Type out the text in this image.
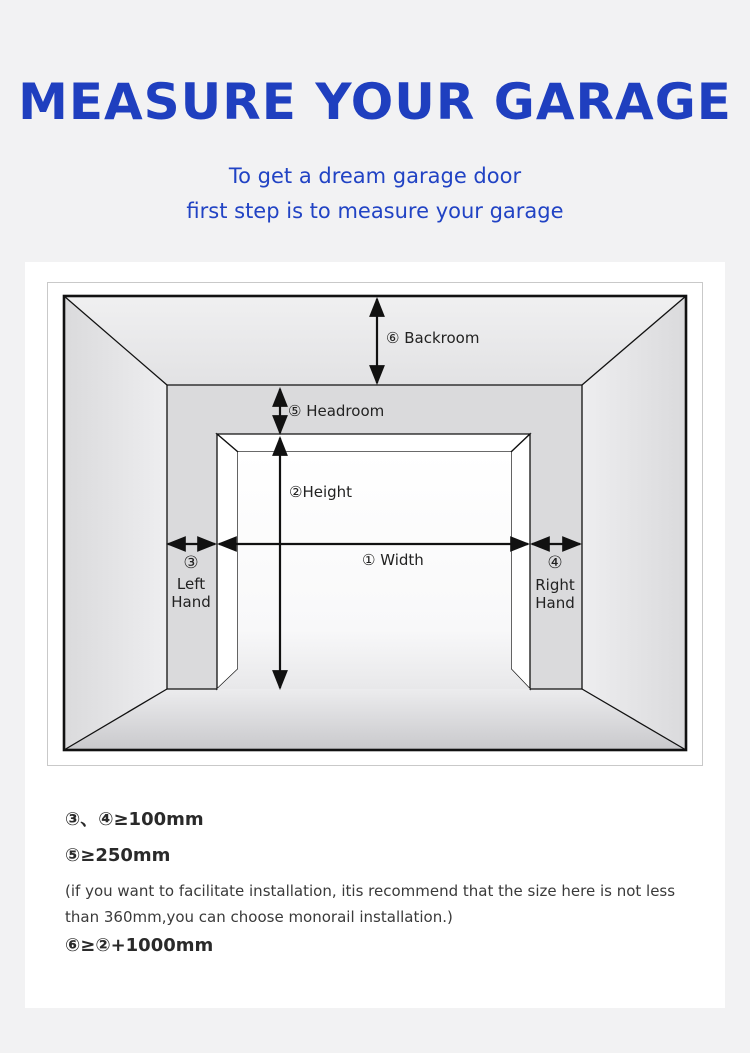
MEASURE YOUR GARAGE
To get a dream garage door
first step is to measure your garage
⑥ Backroom
⑤ Headroom
②Height
① Width
③
Left
Hand
④
Right
Hand

③、④≥100mm

⑤≥250mm

(if you want to facilitate installation, itis recommend that the size here is not less than 360mm,you can choose monorail installation.)

⑥≥②+1000mm
